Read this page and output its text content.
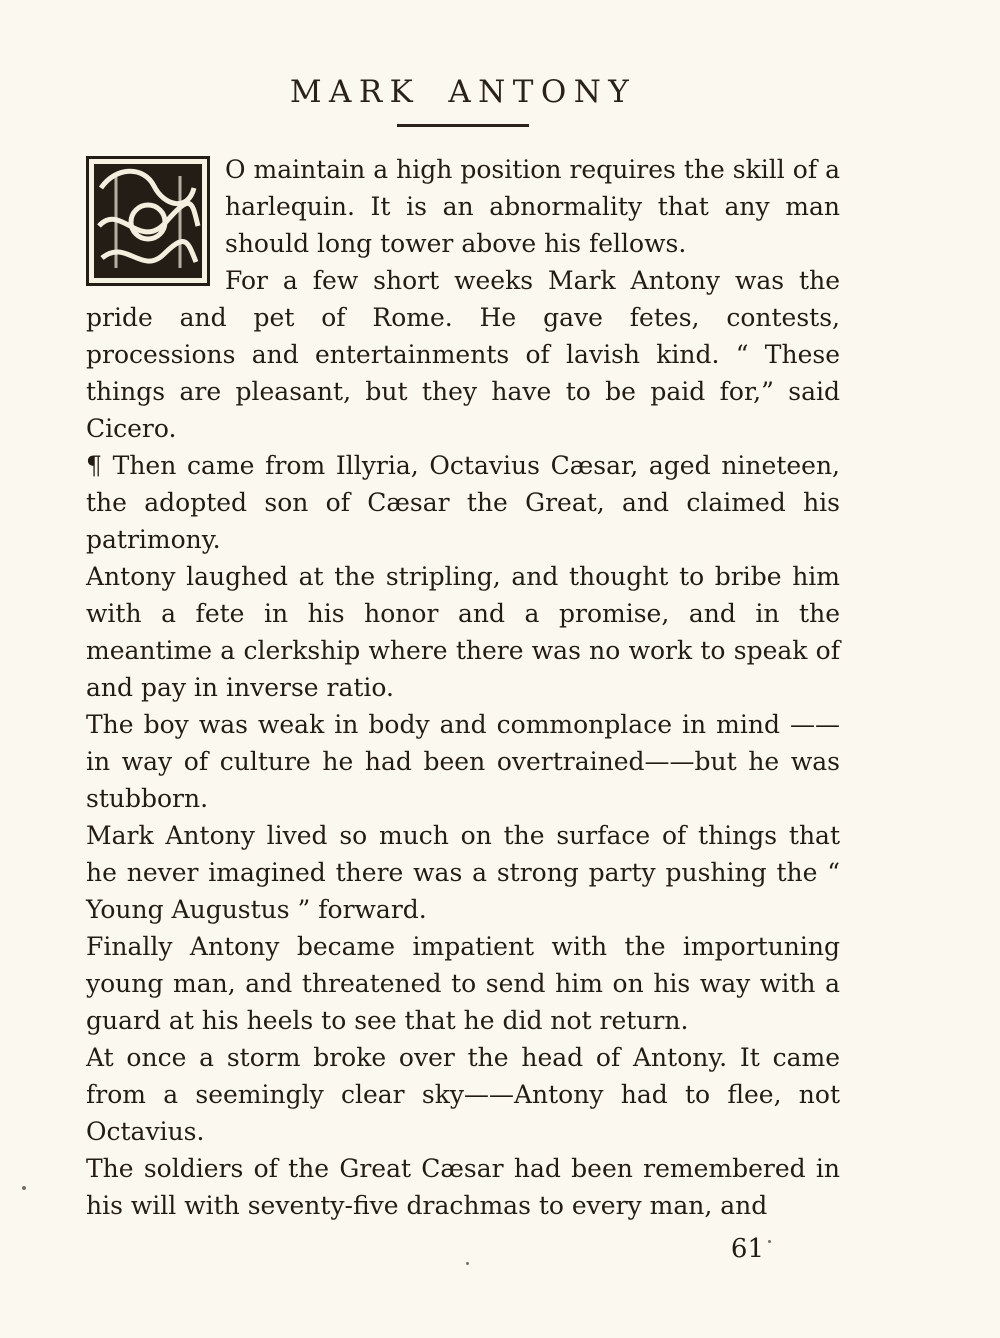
MARK ANTONY
O maintain a high position requires the skill of a harlequin. It is an abnormality that any man should long tower above his fellows.
For a few short weeks Mark Antony was the pride and pet of Rome. He gave fetes, contests, processions and entertainments of lavish kind. “ These things are pleasant, but they have to be paid for,” said Cicero.
¶ Then came from Illyria, Octavius Cæsar, aged nineteen, the adopted son of Cæsar the Great, and claimed his patrimony.
Antony laughed at the stripling, and thought to bribe him with a fete in his honor and a promise, and in the meantime a clerkship where there was no work to speak of and pay in inverse ratio.
The boy was weak in body and commonplace in mind ——in way of culture he had been overtrained——but he was stubborn.
Mark Antony lived so much on the surface of things that he never imagined there was a strong party pushing the “ Young Augustus ” forward.
Finally Antony became impatient with the importuning young man, and threatened to send him on his way with a guard at his heels to see that he did not return.
At once a storm broke over the head of Antony. It came from a seemingly clear sky——Antony had to flee, not Octavius.
The soldiers of the Great Cæsar had been remembered in his will with seventy-five drachmas to every man, and
61
